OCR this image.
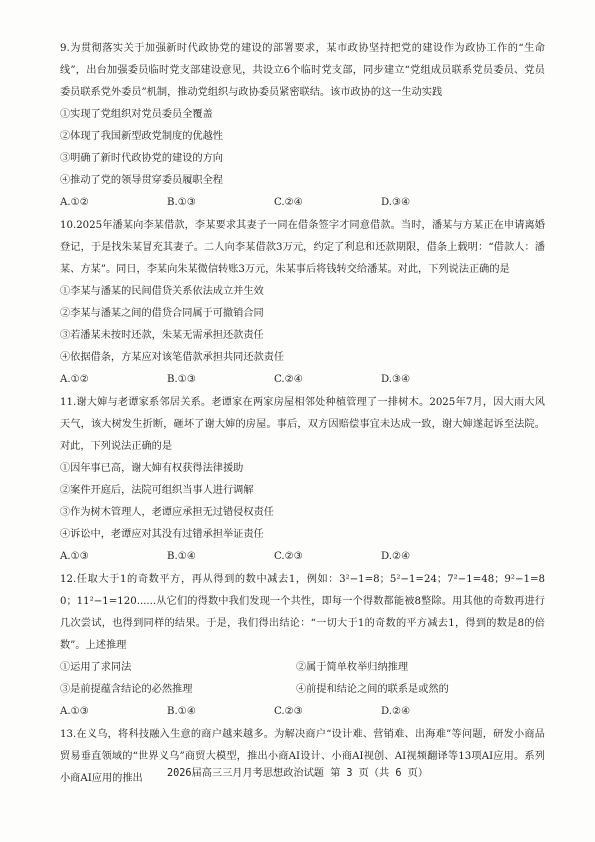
9.为贯彻落实关于加强新时代政协党的建设的部署要求，某市政协坚持把党的建设作为政协工作的“生命线”，出台加强委员临时党支部建设意见，共设立6个临时党支部，同步建立“党组成员联系党员委员、党员委员联系党外委员”机制，推动党组织与政协委员紧密联结。该市政协的这一生动实践

①实现了党组织对党员委员全覆盖

②体现了我国新型政党制度的优越性

③明确了新时代政协党的建设的方向

④推动了党的领导贯穿委员履职全程

A.①②	B.①③	C.②④	D.③④

10.2025年潘某向李某借款，李某要求其妻子一同在借条签字才同意借款。当时，潘某与方某正在申请离婚登记，于是找朱某冒充其妻子。二人向李某借款3万元，约定了利息和还款期限，借条上载明：“借款人：潘某、方某”。同日，李某向朱某微信转账3万元，朱某事后将钱转交给潘某。对此，下列说法正确的是

①李某与潘某的民间借贷关系依法成立并生效

②李某与潘某之间的借贷合同属于可撤销合同

③若潘某未按时还款，朱某无需承担还款责任

④依据借条，方某应对该笔借款承担共同还款责任

A.①②	B.①③	C.②④	D.③④

11.谢大婶与老谭家系邻居关系。老谭家在两家房屋相邻处种植管理了一排树木。2025年7月，因大雨大风天气，该大树发生折断，砸坏了谢大婶的房屋。事后，双方因赔偿事宜未达成一致，谢大婶遂起诉至法院。对此，下列说法正确的是

①因年事已高，谢大婶有权获得法律援助

②案件开庭后，法院可组织当事人进行调解

③作为树木管理人，老谭应承担无过错侵权责任

④诉讼中，老谭应对其没有过错承担举证责任

A.①③	B.①④	C.②③	D.②④

12.任取大于1的奇数平方，再从得到的数中减去1，例如：3²−1=8；5²−1=24；7²−1=48；9²−1=80；11²−1=120......从它们的得数中我们发现一个共性，即每一个得数都能被8整除。用其他的奇数再进行几次尝试，也得到同样的结果。于是，我们得出结论：“一切大于1的奇数的平方减去1，得到的数是8的倍数”。上述推理

①运用了求同法	②属于简单枚举归纳推理
③是前提蕴含结论的必然推理	④前提和结论之间的联系是或然的
A.①③	B.①④	C.②③	D.②④

13.在义乌，将科技融入生意的商户越来越多。为解决商户“设计难、营销难、出海难”等问题，研发小商品贸易垂直领域的“世界义乌”商贸大模型，推出小商AI设计、小商AI视创、AI视频翻译等13项AI应用。系列小商AI应用的推出	2026届高三三月月考思想政治试题 第 3 页（共 6 页）
